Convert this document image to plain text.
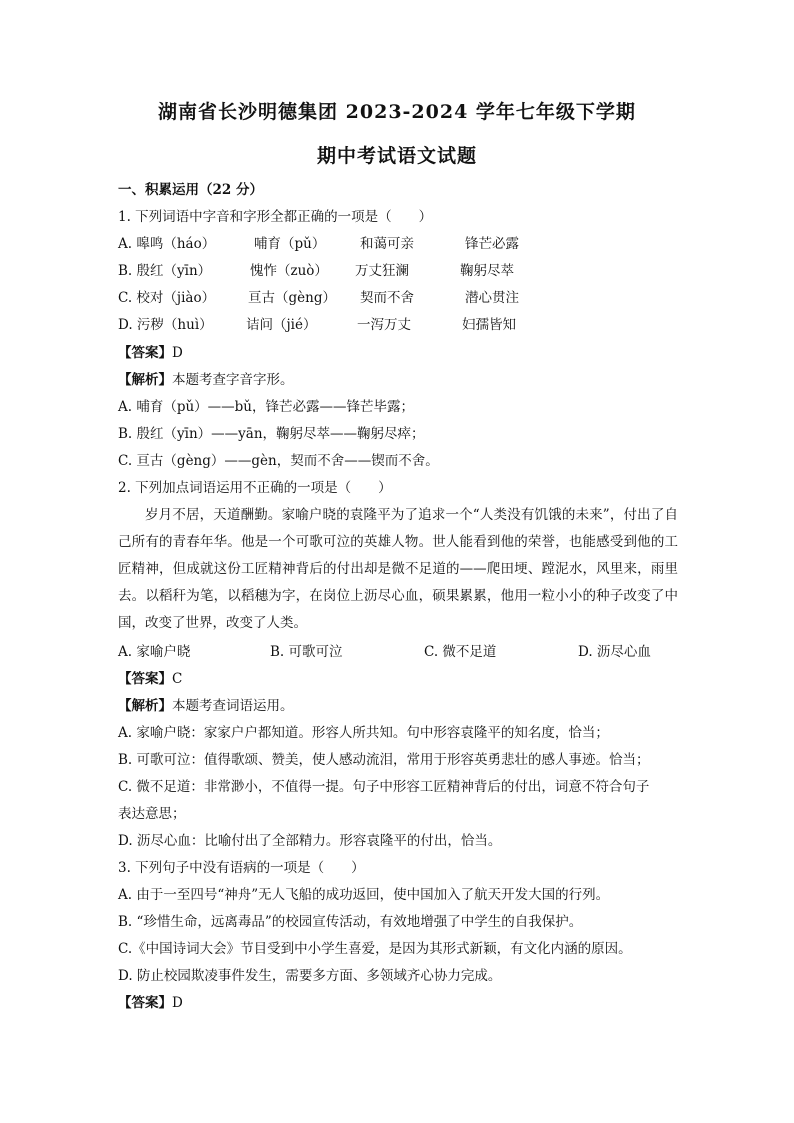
湖南省长沙明德集团 2023-2024 学年七年级下学期
期中考试语文试题
一、积累运用（22 分）
1. 下列词语中字音和字形全都正确的一项是（　　）
A. 嗥鸣（háo）	哺育（pǔ）	和蔼可亲	锋芒必露
B. 殷红（yīn）	愧怍（zuò） 万丈狂澜	鞠躬尽萃
C. 校对（jiào） 亘古（gèng） 契而不舍	潜心贯注
D. 污秽（huì） 诘问（jié）	一泻万丈	妇孺皆知
【答案】D
【解析】本题考查字音字形。
A. 哺育（pǔ）——bǔ，锋芒必露——锋芒毕露；
B. 殷红（yīn）——yān，鞠躬尽萃——鞠躬尽瘁；
C. 亘古（gèng）——gèn，契而不舍——锲而不舍。
2. 下列加点词语运用不正确的一项是（　　）
岁月不居，天道酬勤。家喻户晓的袁隆平为了追求一个“人类没有饥饿的未来”，付出了自己所有的青春年华。他是一个可歌可泣的英雄人物。世人能看到他的荣誉，也能感受到他的工匠精神，但成就这份工匠精神背后的付出却是微不足道的——爬田埂、蹚泥水，风里来，雨里去。以稻秆为笔，以稻穗为字，在岗位上沥尽心血，硕果累累，他用一粒小小的种子改变了中国，改变了世界，改变了人类。
A. 家喻户晓	B. 可歌可泣	C. 微不足道	D. 沥尽心血
【答案】C
【解析】本题考查词语运用。
A. 家喻户晓：家家户户都知道。形容人所共知。句中形容袁隆平的知名度，恰当；
B. 可歌可泣：值得歌颂、赞美，使人感动流泪，常用于形容英勇悲壮的感人事迹。恰当；
C. 微不足道：非常渺小，不值得一提。句子中形容工匠精神背后的付出，词意不符合句子
表达意思；
D. 沥尽心血：比喻付出了全部精力。形容袁隆平的付出，恰当。
3. 下列句子中没有语病的一项是（　　）
A. 由于一至四号“神舟”无人飞船的成功返回，使中国加入了航天开发大国的行列。
B. “珍惜生命，远离毒品”的校园宣传活动，有效地增强了中学生的自我保护。
C.《中国诗词大会》节目受到中小学生喜爱，是因为其形式新颖，有文化内涵的原因。
D. 防止校园欺凌事件发生，需要多方面、多领域齐心协力完成。
【答案】D
